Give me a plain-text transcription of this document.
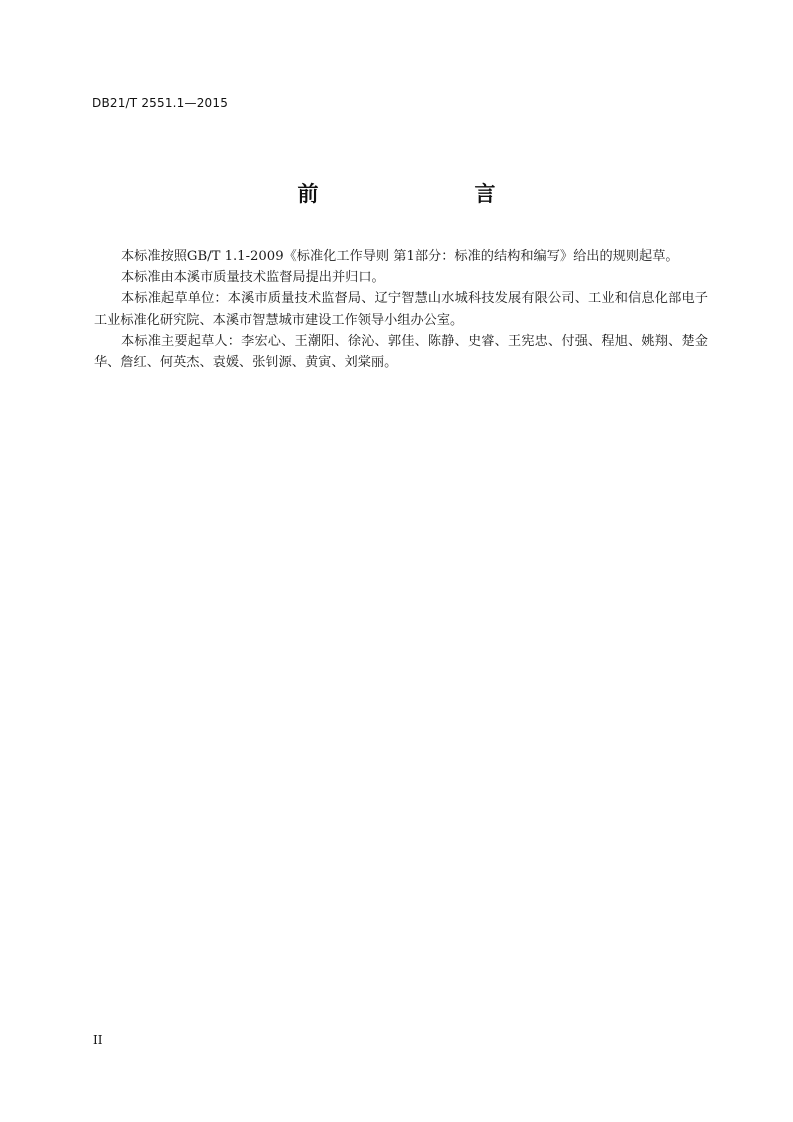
DB21/T 2551.1—2015
前　　言

本标准按照GB/T 1.1-2009《标准化工作导则 第1部分：标准的结构和编写》给出的规则起草。

本标准由本溪市质量技术监督局提出并归口。

本标准起草单位：本溪市质量技术监督局、辽宁智慧山水城科技发展有限公司、工业和信息化部电子工业标准化研究院、本溪市智慧城市建设工作领导小组办公室。

本标准主要起草人：李宏心、王潮阳、徐沁、郭佳、陈静、史睿、王宪忠、付强、程旭、姚翔、楚金华、詹红、何英杰、袁媛、张钊源、黄寅、刘棠丽。

II
